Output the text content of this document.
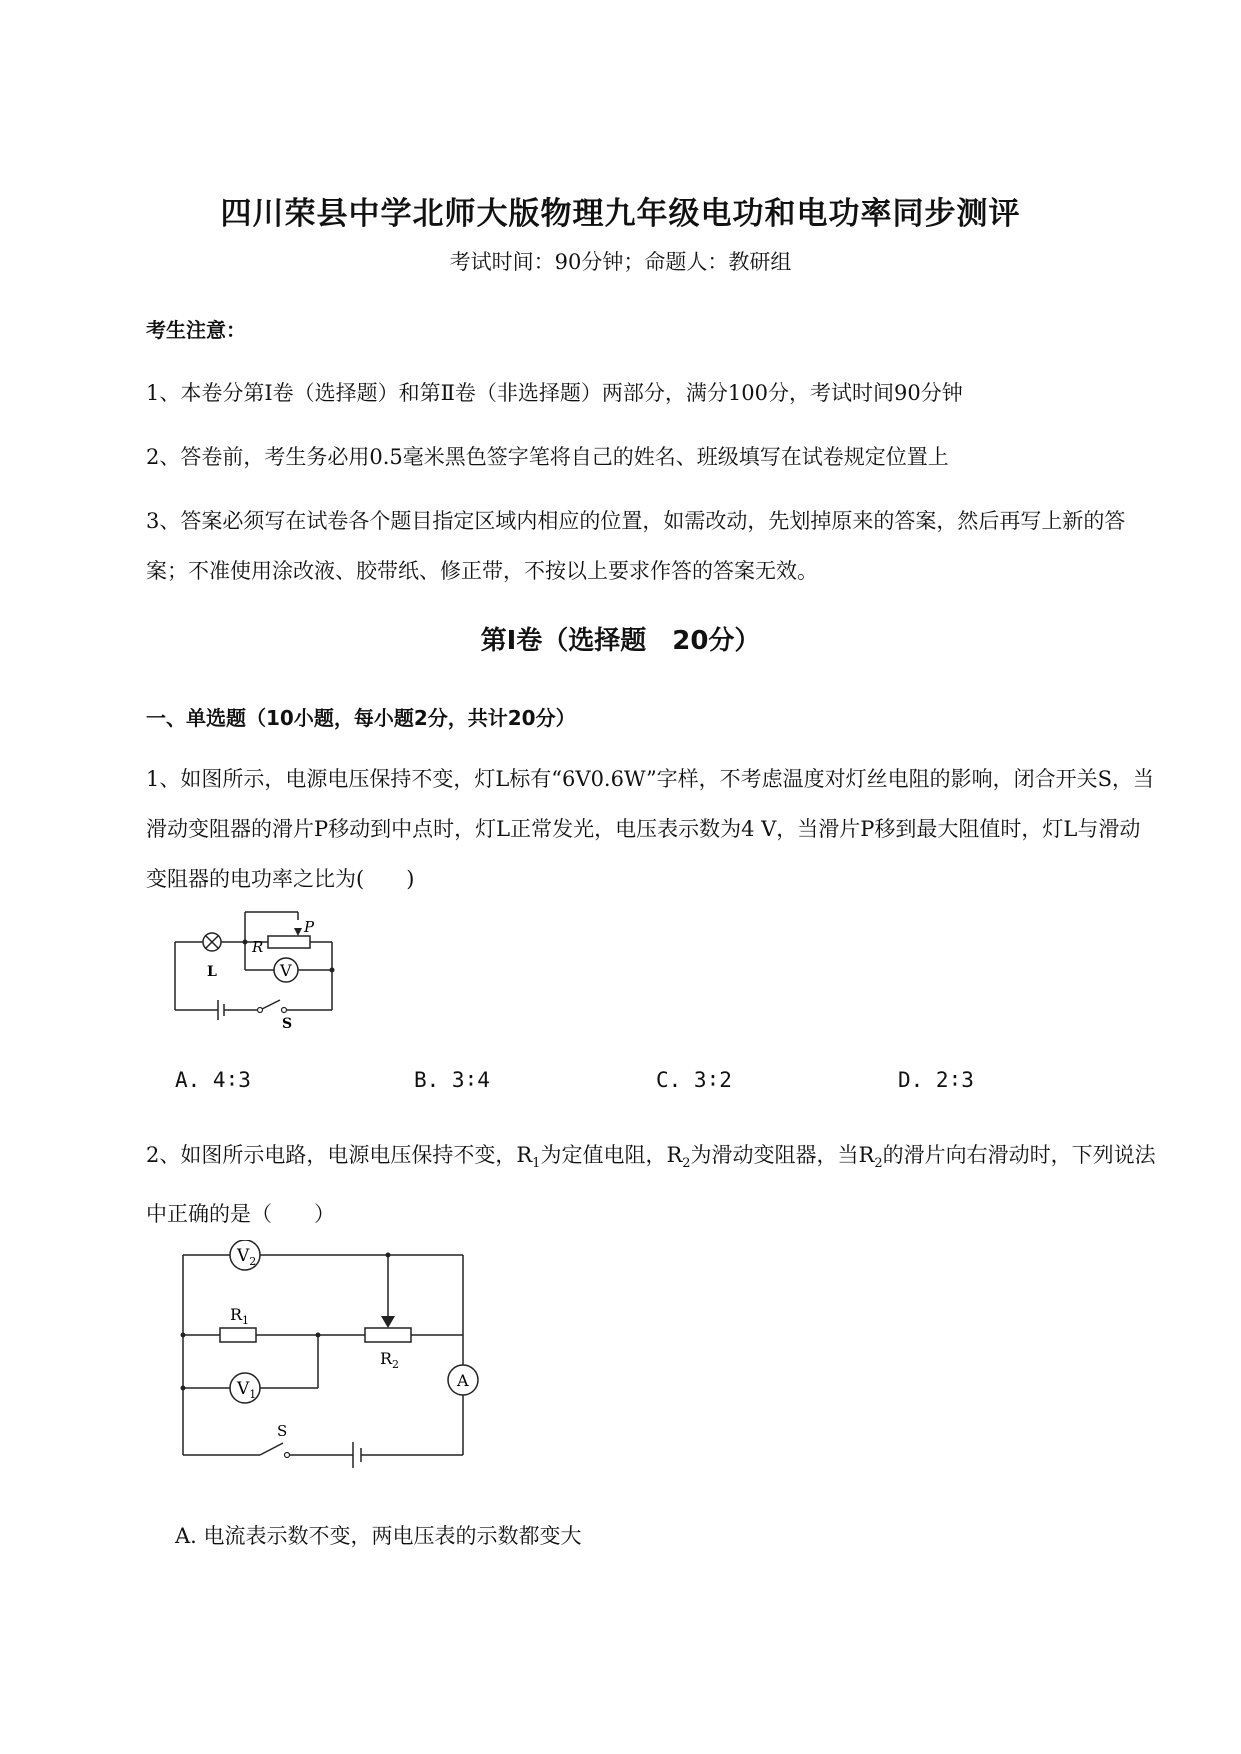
四川荣县中学北师大版物理九年级电功和电功率同步测评
考试时间：90分钟；命题人：教研组
考生注意：
1、本卷分第Ⅰ卷（选择题）和第Ⅱ卷（非选择题）两部分，满分100分，考试时间90分钟
2、答卷前，考生务必用0.5毫米黑色签字笔将自己的姓名、班级填写在试卷规定位置上
3、答案必须写在试卷各个题目指定区域内相应的位置，如需改动，先划掉原来的答案，然后再写上新的答案；不准使用涂改液、胶带纸、修正带，不按以上要求作答的答案无效。
第Ⅰ卷（选择题　20分）
一、单选题（10小题，每小题2分，共计20分）
1、如图所示，电源电压保持不变，灯L标有“6V0.6W”字样，不考虑温度对灯丝电阻的影响，闭合开关S，当滑动变阻器的滑片P移动到中点时，灯L正常发光，电压表示数为4 V，当滑片P移到最大阻值时，灯L与滑动变阻器的电功率之比为(　　)
L
R
P
V
S
A. 4∶3	B. 3∶4	C. 3∶2	D. 2∶3
2、如图所示电路，电源电压保持不变，$R_1$为定值电阻，$R_2$为滑动变阻器，当$R_2$的滑片向右滑动时，下列说法中正确的是（　　）
$V_2$
$R_1$
$R_2$
$V_1$
A
S
A. 电流表示数不变，两电压表的示数都变大
